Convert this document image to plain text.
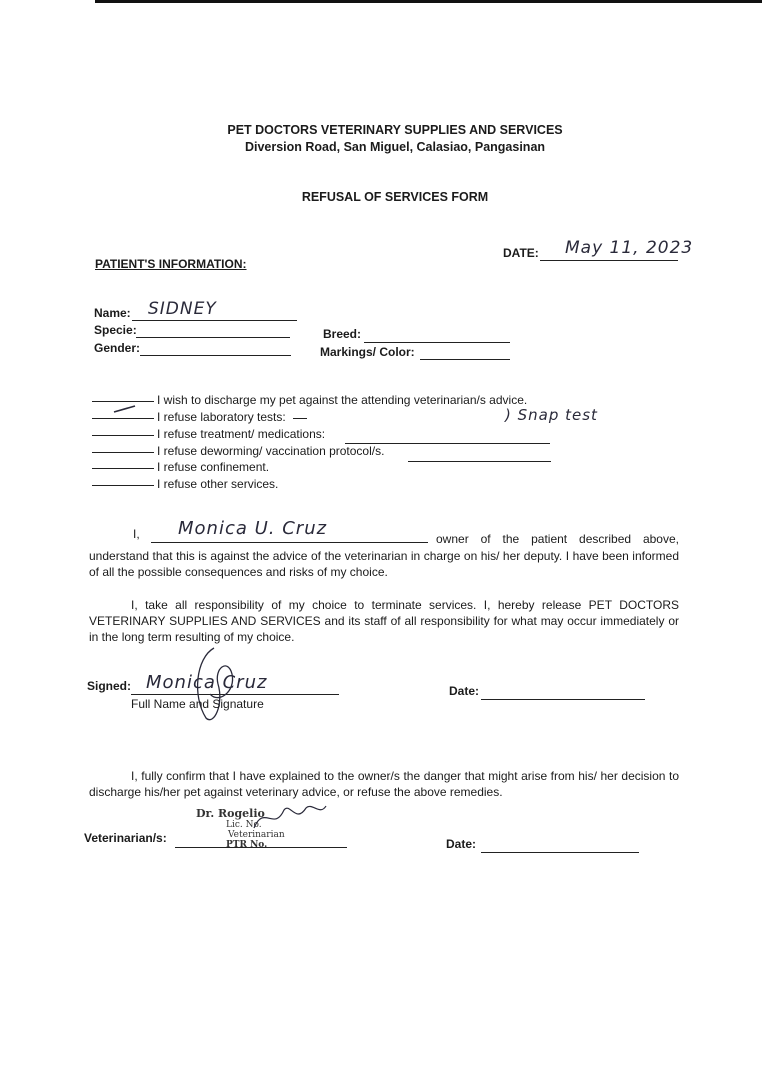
PET DOCTORS VETERINARY SUPPLIES AND SERVICES
Diversion Road, San Miguel, Calasiao, Pangasinan
REFUSAL OF SERVICES FORM
DATE: May 11, 2023
PATIENT'S INFORMATION:
Name: SIDNEY
Specie:
Gender:
Breed:
Markings/ Color:
I wish to discharge my pet against the attending veterinarian/s advice.
I refuse laboratory tests:	) Snap test
I refuse treatment/ medications:
I refuse deworming/ vaccination protocol/s.
I refuse confinement.
I refuse other services.
I, Monica U. Cruz	owner of the patient described above,
understand that this is against the advice of the veterinarian in charge on his/ her deputy. I have been informed of all the possible consequences and risks of my choice.
I, take all responsibility of my choice to terminate services. I, hereby release PET DOCTORS VETERINARY SUPPLIES AND SERVICES and its staff of all responsibility for what may occur immediately or in the long term resulting of my choice.
Signed: Monica Cruz
Full Name and Signature
Date:
I, fully confirm that I have explained to the owner/s the danger that might arise from his/ her decision to discharge his/her pet against veterinary advice, or refuse the above remedies.
Dr. Rogelio
Lic. No.
Veterinarian
PTR No.
Veterinarian/s:	Date:
